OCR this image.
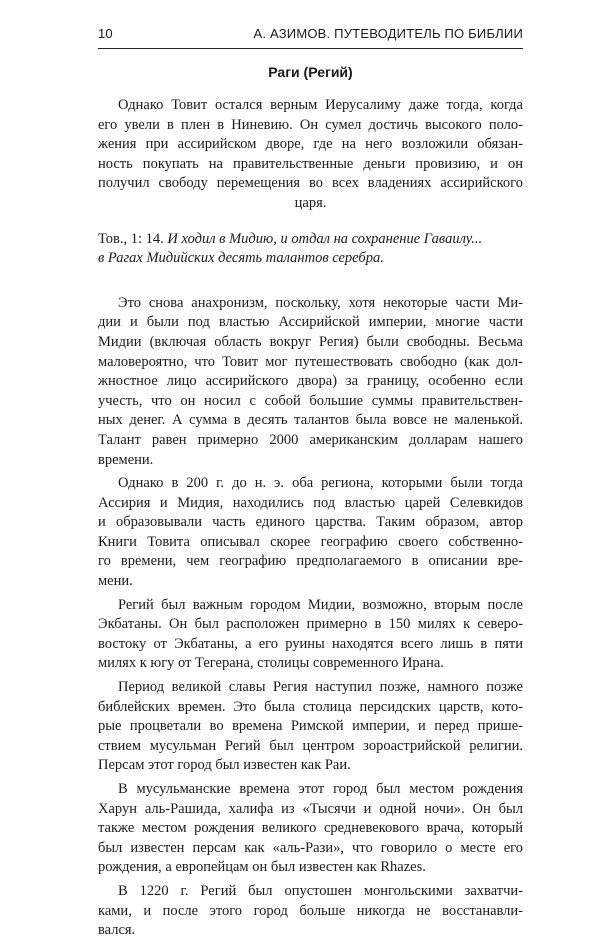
10	А. АЗИМОВ. ПУТЕВОДИТЕЛЬ ПО БИБЛИИ
Раги (Регий)
Однако Товит остался верным Иерусалиму даже тогда, когда
его увели в плен в Ниневию. Он сумел достичь высокого поло-
жения при ассирийском дворе, где на него возложили обязан-
ность покупать на правительственные деньги провизию, и он
получил свободу перемещения во всех владениях ассирийского
царя.
Тов., 1: 14. И ходил в Мидию, и отдал на сохранение Гаваилу...
в Рагах Мидийских десять талантов серебра.
Это снова анахронизм, поскольку, хотя некоторые части Ми-
дии и были под властью Ассирийской империи, многие части
Мидии (включая область вокруг Регия) были свободны. Весьма
маловероятно, что Товит мог путешествовать свободно (как дол-
жностное лицо ассирийского двора) за границу, особенно если
учесть, что он носил с собой большие суммы правительствен-
ных денег. А сумма в десять талантов была вовсе не маленькой.
Талант равен примерно 2000 американским долларам нашего
времени.
Однако в 200 г. до н. э. оба региона, которыми были тогда
Ассирия и Мидия, находились под властью царей Селевкидов
и образовывали часть единого царства. Таким образом, автор
Книги Товита описывал скорее географию своего собственно-
го времени, чем географию предполагаемого в описании вре-
мени.
Регий был важным городом Мидии, возможно, вторым после
Экбатаны. Он был расположен примерно в 150 милях к северо-
востоку от Экбатаны, а его руины находятся всего лишь в пяти
милях к югу от Тегерана, столицы современного Ирана.
Период великой славы Регия наступил позже, намного позже
библейских времен. Это была столица персидских царств, кото-
рые процветали во времена Римской империи, и перед прише-
ствием мусульман Регий был центром зороастрийской религии.
Персам этот город был известен как Раи.
В мусульманские времена этот город был местом рождения
Харун аль-Рашида, халифа из «Тысячи и одной ночи». Он был
также местом рождения великого средневекового врача, который
был известен персам как «аль-Рази», что говорило о месте его
рождения, а европейцам он был известен как Rhazes.
В 1220 г. Регий был опустошен монгольскими захватчи-
ками, и после этого город больше никогда не восстанавли-
вался.
